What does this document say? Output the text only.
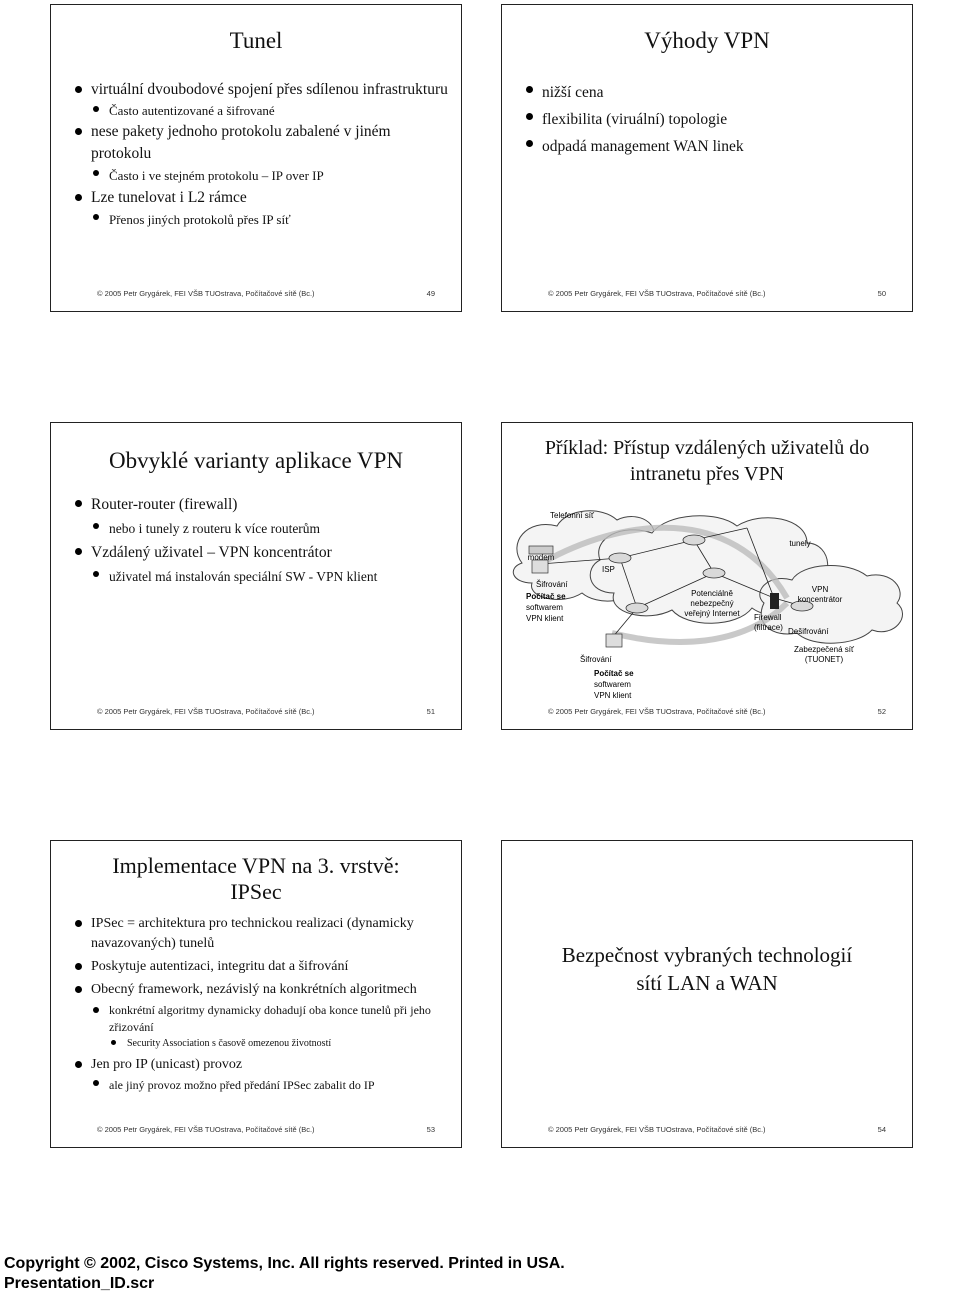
Tunel
virtuální dvoubodové spojení přes sdílenou infrastrukturu
Často autentizované a šifrované
nese pakety jednoho protokolu zabalené v jiném protokolu
Často i ve stejném protokolu – IP over IP
Lze tunelovat i L2 rámce
Přenos jiných protokolů přes IP síť
© 2005 Petr Grygárek, FEI VŠB TUOstrava, Počítačové sítě (Bc.)	49
Výhody VPN
nižší cena
flexibilita (viruální) topologie
odpadá management WAN linek
© 2005 Petr Grygárek, FEI VŠB TUOstrava, Počítačové sítě (Bc.)	50
Obvyklé varianty aplikace VPN
Router-router (firewall)
nebo i tunely z routeru k více routerům
Vzdálený uživatel – VPN koncentrátor
uživatel má instalován speciální SW - VPN klient
© 2005 Petr Grygárek, FEI VŠB TUOstrava, Počítačové sítě (Bc.)	51
Příklad: Přístup vzdálených uživatelů do intranetu přes VPN
Telefonní síť
modem
Šifrování
Počítač se
softwarem
VPN klient
ISP
Potenciálně
nebezpečný
veřejný Internet
tunely
Firewall
(filtrace)
VPN
koncentrátor
Dešifrování
Zabezpečená síť
(TUONET)
Šifrování
Počítač se
softwarem
VPN klient
© 2005 Petr Grygárek, FEI VŠB TUOstrava, Počítačové sítě (Bc.)	52
Implementace VPN na 3. vrstvě:
IPSec
IPSec = architektura pro technickou realizaci (dynamicky navazovaných) tunelů
Poskytuje autentizaci, integritu dat a šifrování
Obecný framework, nezávislý na konkrétních algoritmech
konkrétní algoritmy dynamicky dohadují oba konce tunelů při jeho zřizování
Security Association s časově omezenou životností
Jen pro IP (unicast) provoz
ale jiný provoz možno před předání IPSec zabalit do IP
© 2005 Petr Grygárek, FEI VŠB TUOstrava, Počítačové sítě (Bc.)	53
Bezpečnost vybraných technologií
sítí LAN a WAN
© 2005 Petr Grygárek, FEI VŠB TUOstrava, Počítačové sítě (Bc.)	54
Copyright © 2002, Cisco Systems, Inc. All rights reserved. Printed in USA.
Presentation_ID.scr
